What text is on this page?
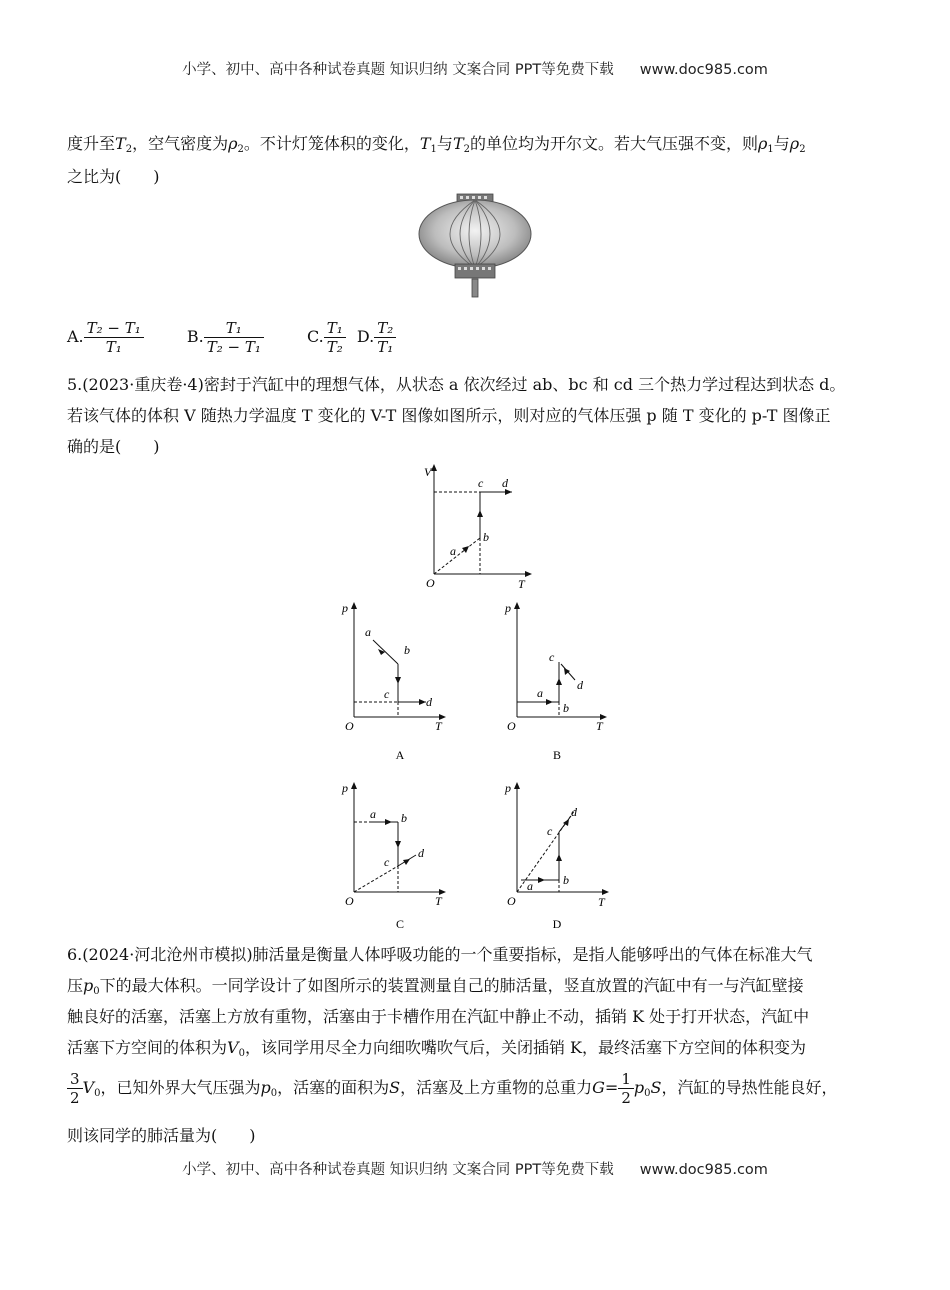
小学、初中、高中各种试卷真题 知识归纳 文案合同 PPT等免费下载 www.doc985.com
度升至$T_2$，空气密度为$\rho_2$。不计灯笼体积的变化，$T_1$与$T_2$的单位均为开尔文。若大气压强不变，则$\rho_1$与$\rho_2$
之比为(　　)
A. $\frac{\text{T₂ − T₁}}{\text{T₁}}$	B. $\frac{\text{T₁}}{\text{T₂ − T₁}}$	C. $\frac{\text{T₁}}{\text{T₂}} D$. $\frac{\text{T₂}}{\text{T₁}}$
5.(2023·重庆卷·4)密封于汽缸中的理想气体，从状态 a 依次经过 ab、bc 和 cd 三个热力学过程达到状态 d。
若该气体的体积 V 随热力学温度 T 变化的 V-T 图像如图所示，则对应的气体压强 p 随 T 变化的 p-T 图像正
确的是(　　)
V
O	T
a
b
c d
p
O	T
a
b
c
d
A
p
O	T
a
b
c
d
B
p
O	T
a b
c
d
C
p
O	T
a	b
c
d
D
6.(2024·河北沧州市模拟)肺活量是衡量人体呼吸功能的一个重要指标，是指人能够呼出的气体在标准大气
压$p_0$下的最大体积。一同学设计了如图所示的装置测量自己的肺活量，竖直放置的汽缸中有一与汽缸壁接
触良好的活塞，活塞上方放有重物，活塞由于卡槽作用在汽缸中静止不动，插销 K 处于打开状态，汽缸中
活塞下方空间的体积为$V_0$，该同学用尽全力向细吹嘴吹气后，关闭插销 K，最终活塞下方空间的体积变为
$\frac{3}{2} V_0$，已知外界大气压强为$p_0$，活塞的面积为S，活塞及上方重物的总重力$G= \frac{1}{2} p_0S$，汽缸的导热性能良好，
则该同学的肺活量为(　　)
小学、初中、高中各种试卷真题 知识归纳 文案合同 PPT等免费下载 www.doc985.com
